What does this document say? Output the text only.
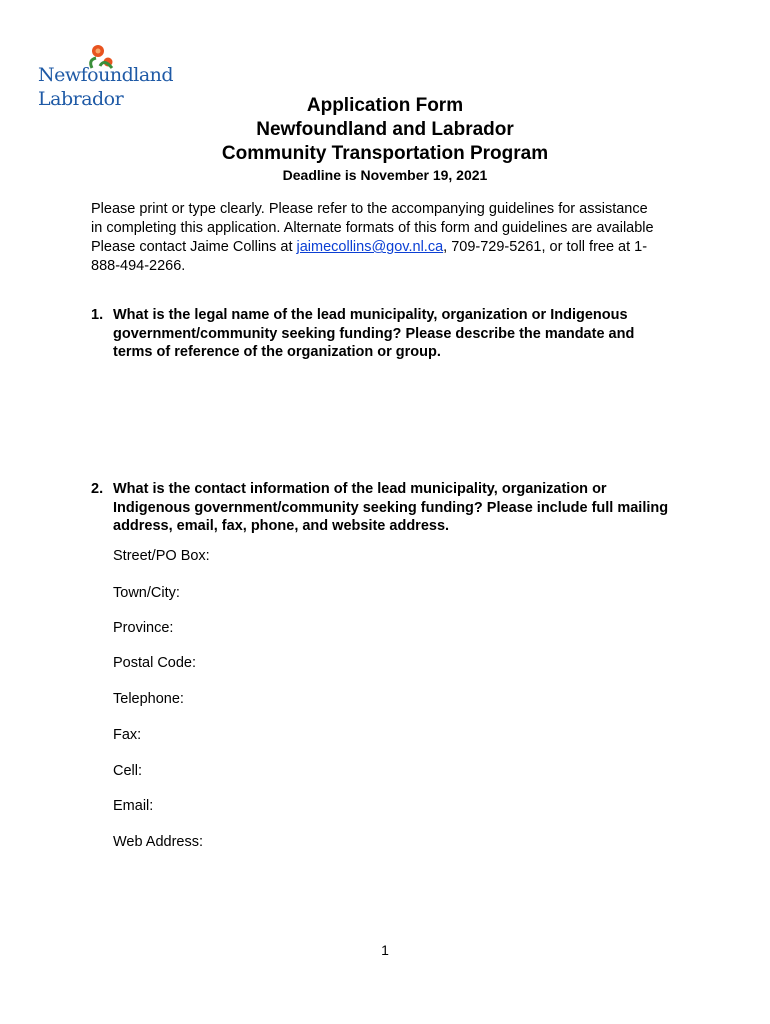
Newfoundland
Labrador	Application Form
Newfoundland and Labrador
Community Transportation Program
Deadline is November 19, 2021
Please print or type clearly. Please refer to the accompanying guidelines for assistance
in completing this application. Alternate formats of this form and guidelines are available
Please contact Jaime Collins at jaimecollins@gov.nl.ca, 709-729-5261, or toll free at 1-
888-494-2266.
1. What is the legal name of the lead municipality, organization or Indigenous government/community seeking funding? Please describe the mandate and terms of reference of the organization or group.
2. What is the contact information of the lead municipality, organization or Indigenous government/community seeking funding? Please include full mailing address, email, fax, phone, and website address.
Street/PO Box:
Town/City:
Province:
Postal Code:
Telephone:
Fax:
Cell:
Email:
Web Address:
1
